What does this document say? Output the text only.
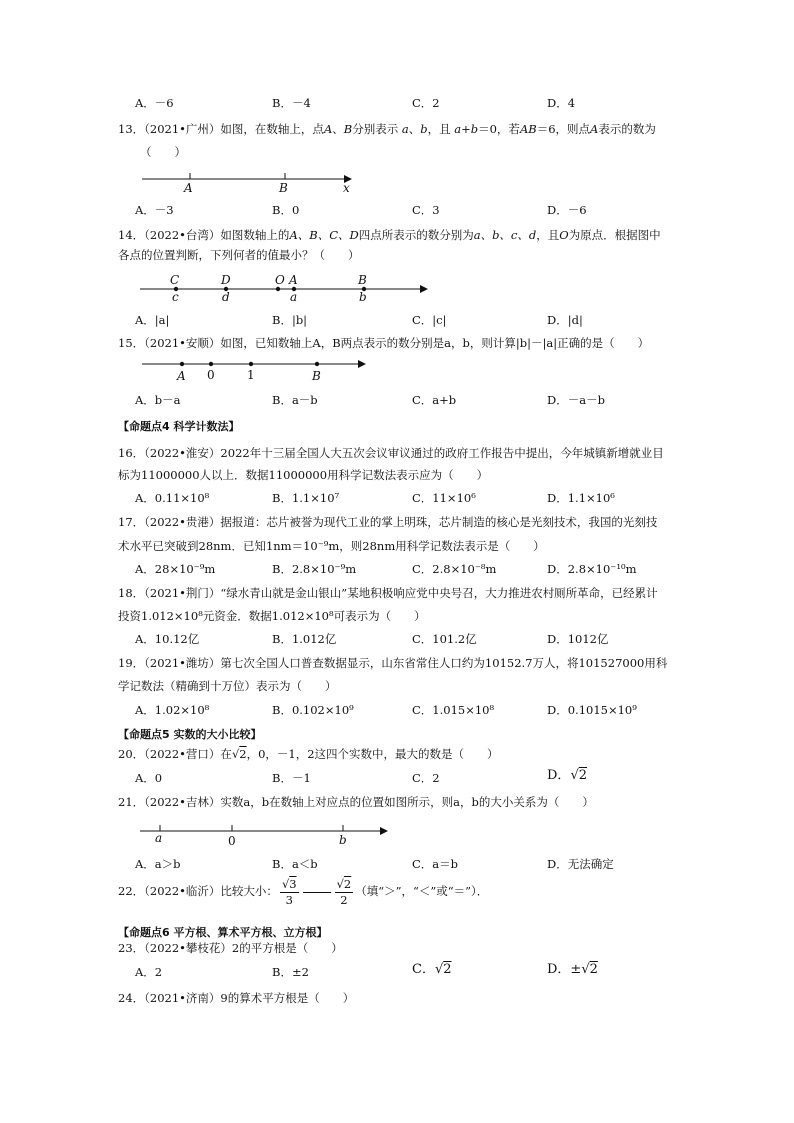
A．－6	B．－4	C．2	D．4
13．（2021•广州）如图，在数轴上，点A、B分别表示 a、b，且 a+b＝0，若AB＝6，则点A表示的数为
（　　）
A	B	x
A．－3	B．0	C．3	D．－6
14．（2022•台湾）如图数轴上的A、B、C、D四点所表示的数分别为a、b、c、d，且O为原点．根据图中
各点的位置判断，下列何者的值最小？（　　）
C	D	O A	B
c	d	a	b
A．|a|	B．|b|	C．|c|	D．|d|
15．（2021•安顺）如图，已知数轴上A，B两点表示的数分别是a，b，则计算|b|－|a|正确的是（　　）
A 0	1	B
A．b－a	B．a－b	C．a+b	D．－a－b
【命题点4 科学计数法】
16．（2022•淮安）2022年十三届全国人大五次会议审议通过的政府工作报告中提出，今年城镇新增就业目
标为11000000人以上．数据11000000用科学记数法表示应为（　　）
A．0.11×10⁸	B．1.1×10⁷	C．11×10⁶	D．1.1×10⁶
17．（2022•贵港）据报道：芯片被誉为现代工业的掌上明珠，芯片制造的核心是光刻技术，我国的光刻技
术水平已突破到28nm．已知1nm＝10⁻⁹m，则28nm用科学记数法表示是（　　）
A．28×10⁻⁹m	B．2.8×10⁻⁹m	C．2.8×10⁻⁸m	D．2.8×10⁻¹⁰m
18．（2021•荆门）“绿水青山就是金山银山”某地积极响应党中央号召，大力推进农村厕所革命，已经累计
投资1.012×10⁸元资金．数据1.012×10⁸可表示为（　　）
A．10.12亿	B．1.012亿	C．101.2亿	D．1012亿
19．（2021•潍坊）第七次全国人口普查数据显示，山东省常住人口约为10152.7万人，将101527000用科
学记数法（精确到十万位）表示为（　　）
A．1.02×10⁸	B．0.102×10⁹	C．1.015×10⁸	D．0.1015×10⁹
【命题点5 实数的大小比较】
20．（2022•营口）在√2，0，－1，2这四个实数中，最大的数是（　　）
A．0	B．－1	C．2	D．√2
21．（2022•吉林）实数a，b在数轴上对应点的位置如图所示，则a，b的大小关系为（　　）
a	0	b
A．a＞b	B．a＜b	C．a＝b	D．无法确定
22．（2022•临沂）比较大小： $\frac{√3}{3}$	$\frac{√2}{2}$ （填“＞”，“＜”或“＝”）．
【命题点6 平方根、算术平方根、立方根】
23．（2022•攀枝花）2的平方根是（　　）
A．2	B．±2	C．√2	D．±√2
24．（2021•济南）9的算术平方根是（　　）
